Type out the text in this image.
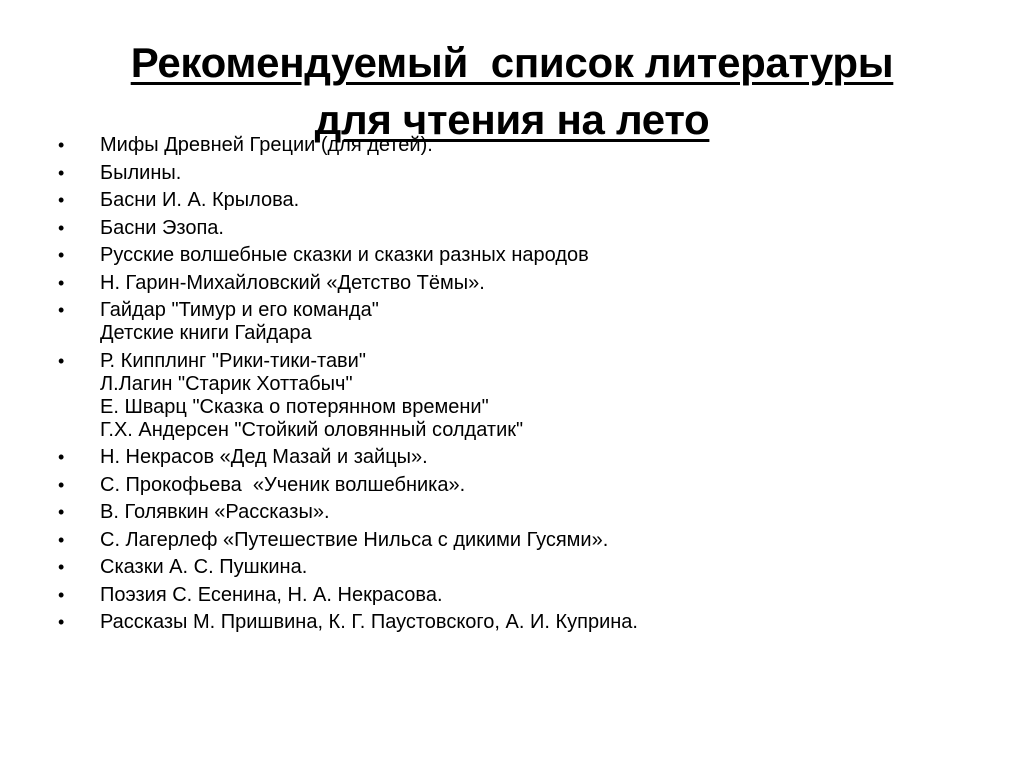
Рекомендуемый  список литературы
для чтения на лето
•	Мифы Древней Греции (для детей).
•	Былины.
•	Басни И. А. Крылова.
•	Басни Эзопа.
•	Русские волшебные сказки и сказки разных народов
•	Н. Гарин-Михайловский «Детство Тёмы».
•	Гайдар "Тимур и его команда"
Детские книги Гайдара
•	Р. Кипплинг "Рики-тики-тави"
Л.Лагин "Старик Хоттабыч"
Е. Шварц "Сказка о потерянном времени"
Г.Х. Андерсен "Стойкий оловянный солдатик"
•	Н. Некрасов «Дед Мазай и зайцы».
•	С. Прокофьева  «Ученик волшебника».
•	В. Голявкин «Рассказы».
•	С. Лагерлеф «Путешествие Нильса с дикими Гусями».
•	Сказки А. С. Пушкина.
•	Поэзия С. Есенина, Н. А. Некрасова.
•	Рассказы М. Пришвина, К. Г. Паустовского, А. И. Куприна.
